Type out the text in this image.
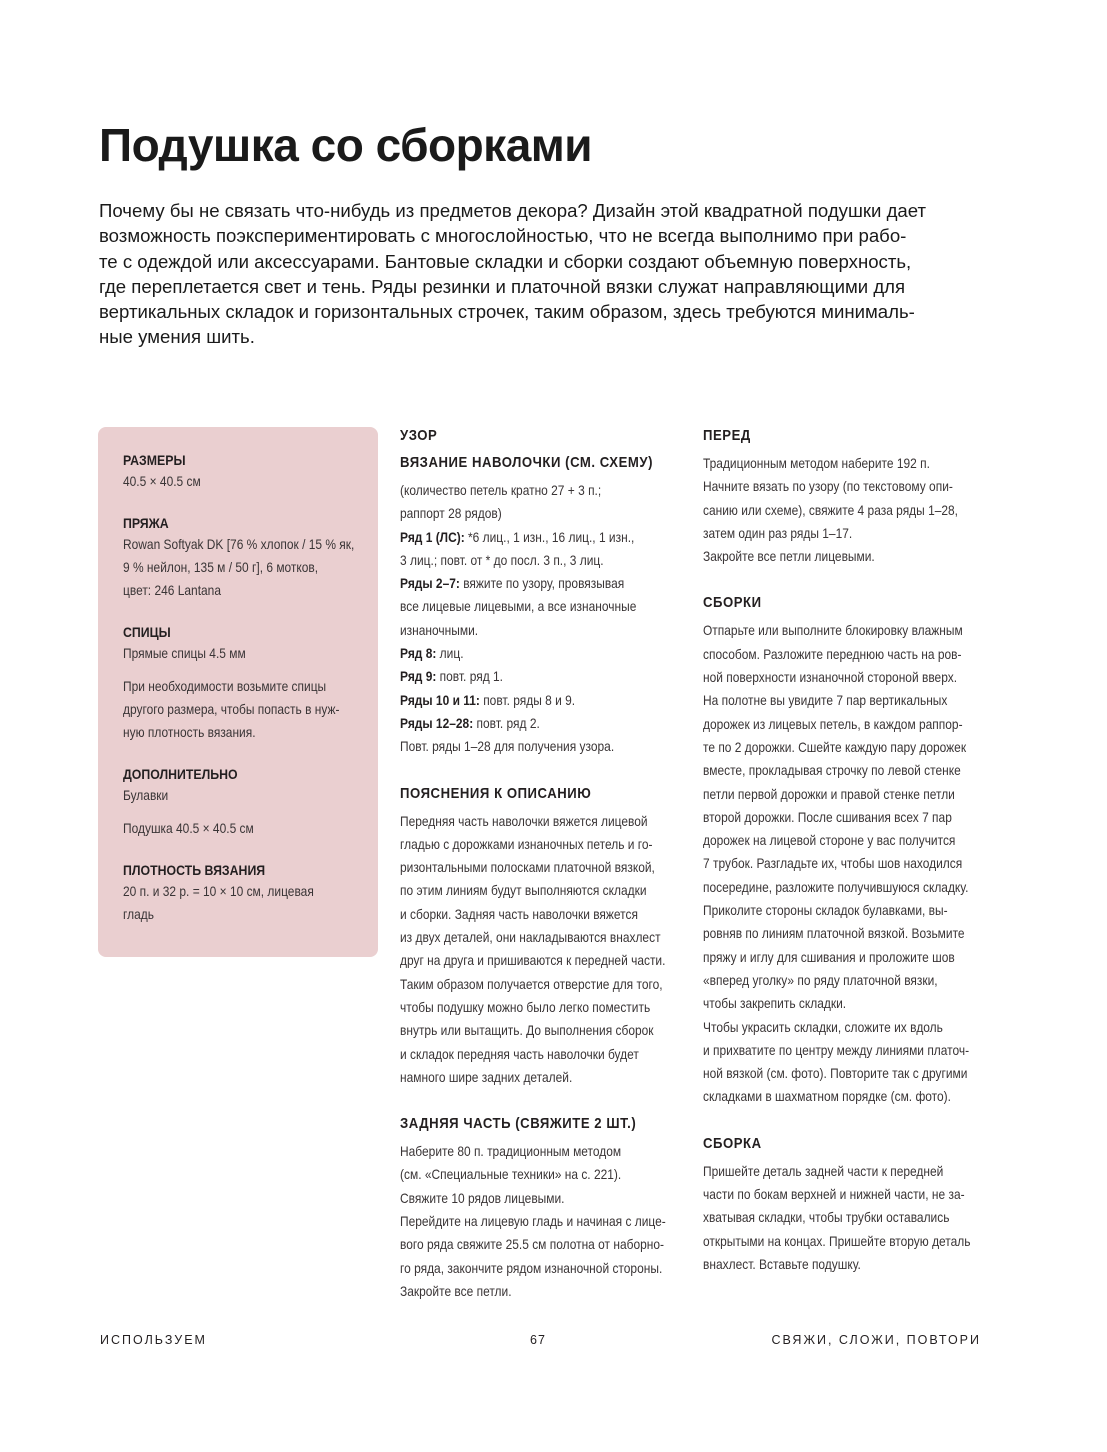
Подушка со сборками
Почему бы не связать что-нибудь из предметов декора? Дизайн этой квадратной подушки дает
возможность поэкспериментировать с многослойностью, что не всегда выполнимо при рабо-
те с одеждой или аксессуарами. Бантовые складки и сборки создают объемную поверхность,
где переплетается свет и тень. Ряды резинки и платочной вязки служат направляющими для
вертикальных складок и горизонтальных строчек, таким образом, здесь требуются минималь-
ные умения шить.
РАЗМЕРЫ
40.5 × 40.5 см
ПРЯЖА
Rowan Softyak DK [76 % хлопок / 15 % як,
9 % нейлон, 135 м / 50 г], 6 мотков,
цвет: 246 Lantana
СПИЦЫ
Прямые спицы 4.5 мм
При необходимости возьмите спицы
другого размера, чтобы попасть в нуж-
ную плотность вязания.
ДОПОЛНИТЕЛЬНО
Булавки
Подушка 40.5 × 40.5 см
ПЛОТНОСТЬ ВЯЗАНИЯ
20 п. и 32 р. = 10 × 10 см, лицевая
гладь
УЗОР
ВЯЗАНИЕ НАВОЛОЧКИ (СМ. СХЕМУ)
(количество петель кратно 27 + 3 п.;
раппорт 28 рядов)
Ряд 1 (ЛС): *6 лиц., 1 изн., 16 лиц., 1 изн.,
3 лиц.; повт. от * до посл. 3 п., 3 лиц.
Ряды 2–7: вяжите по узору, провязывая
все лицевые лицевыми, а все изнаночные
изнаночными.
Ряд 8: лиц.
Ряд 9: повт. ряд 1.
Ряды 10 и 11: повт. ряды 8 и 9.
Ряды 12–28: повт. ряд 2.
Повт. ряды 1–28 для получения узора.
ПОЯСНЕНИЯ К ОПИСАНИЮ
Передняя часть наволочки вяжется лицевой
гладью с дорожками изнаночных петель и го-
ризонтальными полосками платочной вязкой,
по этим линиям будут выполняются складки
и сборки. Задняя часть наволочки вяжется
из двух деталей, они накладываются внахлест
друг на друга и пришиваются к передней части.
Таким образом получается отверстие для того,
чтобы подушку можно было легко поместить
внутрь или вытащить. До выполнения сборок
и складок передняя часть наволочки будет
намного шире задних деталей.
ЗАДНЯЯ ЧАСТЬ (СВЯЖИТЕ 2 ШТ.)
Наберите 80 п. традиционным методом
(см. «Специальные техники» на с. 221).
Свяжите 10 рядов лицевыми.
Перейдите на лицевую гладь и начиная с лице-
вого ряда свяжите 25.5 см полотна от наборно-
го ряда, закончите рядом изнаночной стороны.
Закройте все петли.
ПЕРЕД
Традиционным методом наберите 192 п.
Начните вязать по узору (по текстовому опи-
санию или схеме), свяжите 4 раза ряды 1–28,
затем один раз ряды 1–17.
Закройте все петли лицевыми.
СБОРКИ
Отпарьте или выполните блокировку влажным
способом. Разложите переднюю часть на ров-
ной поверхности изнаночной стороной вверх.
На полотне вы увидите 7 пар вертикальных
дорожек из лицевых петель, в каждом раппор-
те по 2 дорожки. Сшейте каждую пару дорожек
вместе, прокладывая строчку по левой стенке
петли первой дорожки и правой стенке петли
второй дорожки. После сшивания всех 7 пар
дорожек на лицевой стороне у вас получится
7 трубок. Разгладьте их, чтобы шов находился
посередине, разложите получившуюся складку.
Приколите стороны складок булавками, вы-
ровняв по линиям платочной вязкой. Возьмите
пряжу и иглу для сшивания и проложите шов
«вперед уголку» по ряду платочной вязки,
чтобы закрепить складки.
Чтобы украсить складки, сложите их вдоль
и прихватите по центру между линиями платоч-
ной вязкой (см. фото). Повторите так с другими
складками в шахматном порядке (см. фото).
СБОРКА
Пришейте деталь задней части к передней
части по бокам верхней и нижней части, не за-
хватывая складки, чтобы трубки оставались
открытыми на концах. Пришейте вторую деталь
внахлест. Вставьте подушку.
ИСПОЛЬЗУЕМ	67	СВЯЖИ, СЛОЖИ, ПОВТОРИ
